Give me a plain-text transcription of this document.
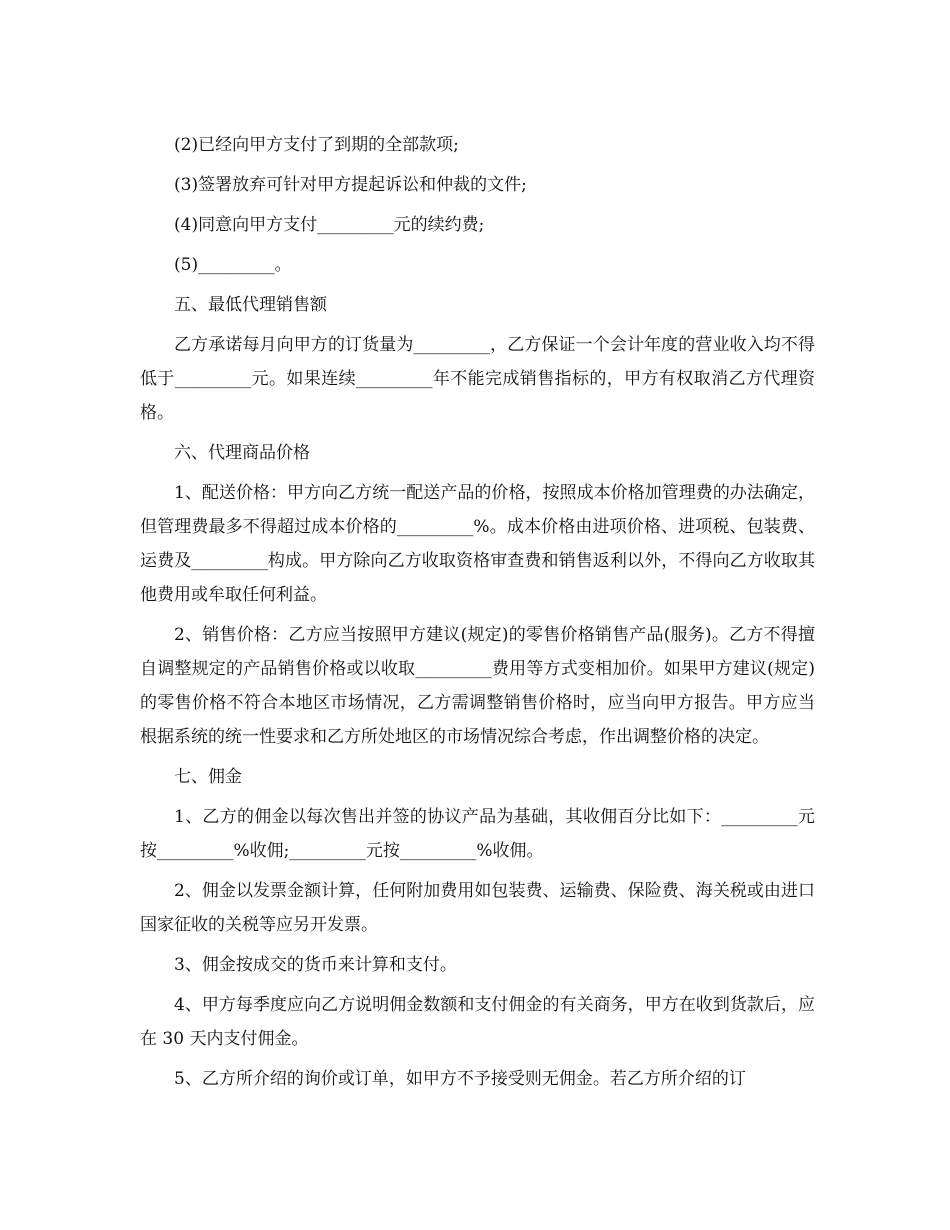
(2)已经向甲方支付了到期的全部款项;

(3)签署放弃可针对甲方提起诉讼和仲裁的文件;

(4)同意向甲方支付_________元的续约费;

(5)_________。

五、最低代理销售额

乙方承诺每月向甲方的订货量为_________，乙方保证一个会计年度的营业收入均不得低于_________元。如果连续_________年不能完成销售指标的，甲方有权取消乙方代理资格。

六、代理商品价格

1、配送价格：甲方向乙方统一配送产品的价格，按照成本价格加管理费的办法确定，但管理费最多不得超过成本价格的_________%。成本价格由进项价格、进项税、包装费、运费及_________构成。甲方除向乙方收取资格审查费和销售返利以外，不得向乙方收取其他费用或牟取任何利益。

2、销售价格：乙方应当按照甲方建议(规定)的零售价格销售产品(服务)。乙方不得擅自调整规定的产品销售价格或以收取_________费用等方式变相加价。如果甲方建议(规定)的零售价格不符合本地区市场情况，乙方需调整销售价格时，应当向甲方报告。甲方应当根据系统的统一性要求和乙方所处地区的市场情况综合考虑，作出调整价格的决定。

七、佣金

1、乙方的佣金以每次售出并签的协议产品为基础，其收佣百分比如下：_________元按_________%收佣;_________元按_________%收佣。

2、佣金以发票金额计算，任何附加费用如包装费、运输费、保险费、海关税或由进口国家征收的关税等应另开发票。

3、佣金按成交的货币来计算和支付。

4、甲方每季度应向乙方说明佣金数额和支付佣金的有关商务，甲方在收到货款后，应在 30 天内支付佣金。

5、乙方所介绍的询价或订单，如甲方不予接受则无佣金。若乙方所介绍的订
